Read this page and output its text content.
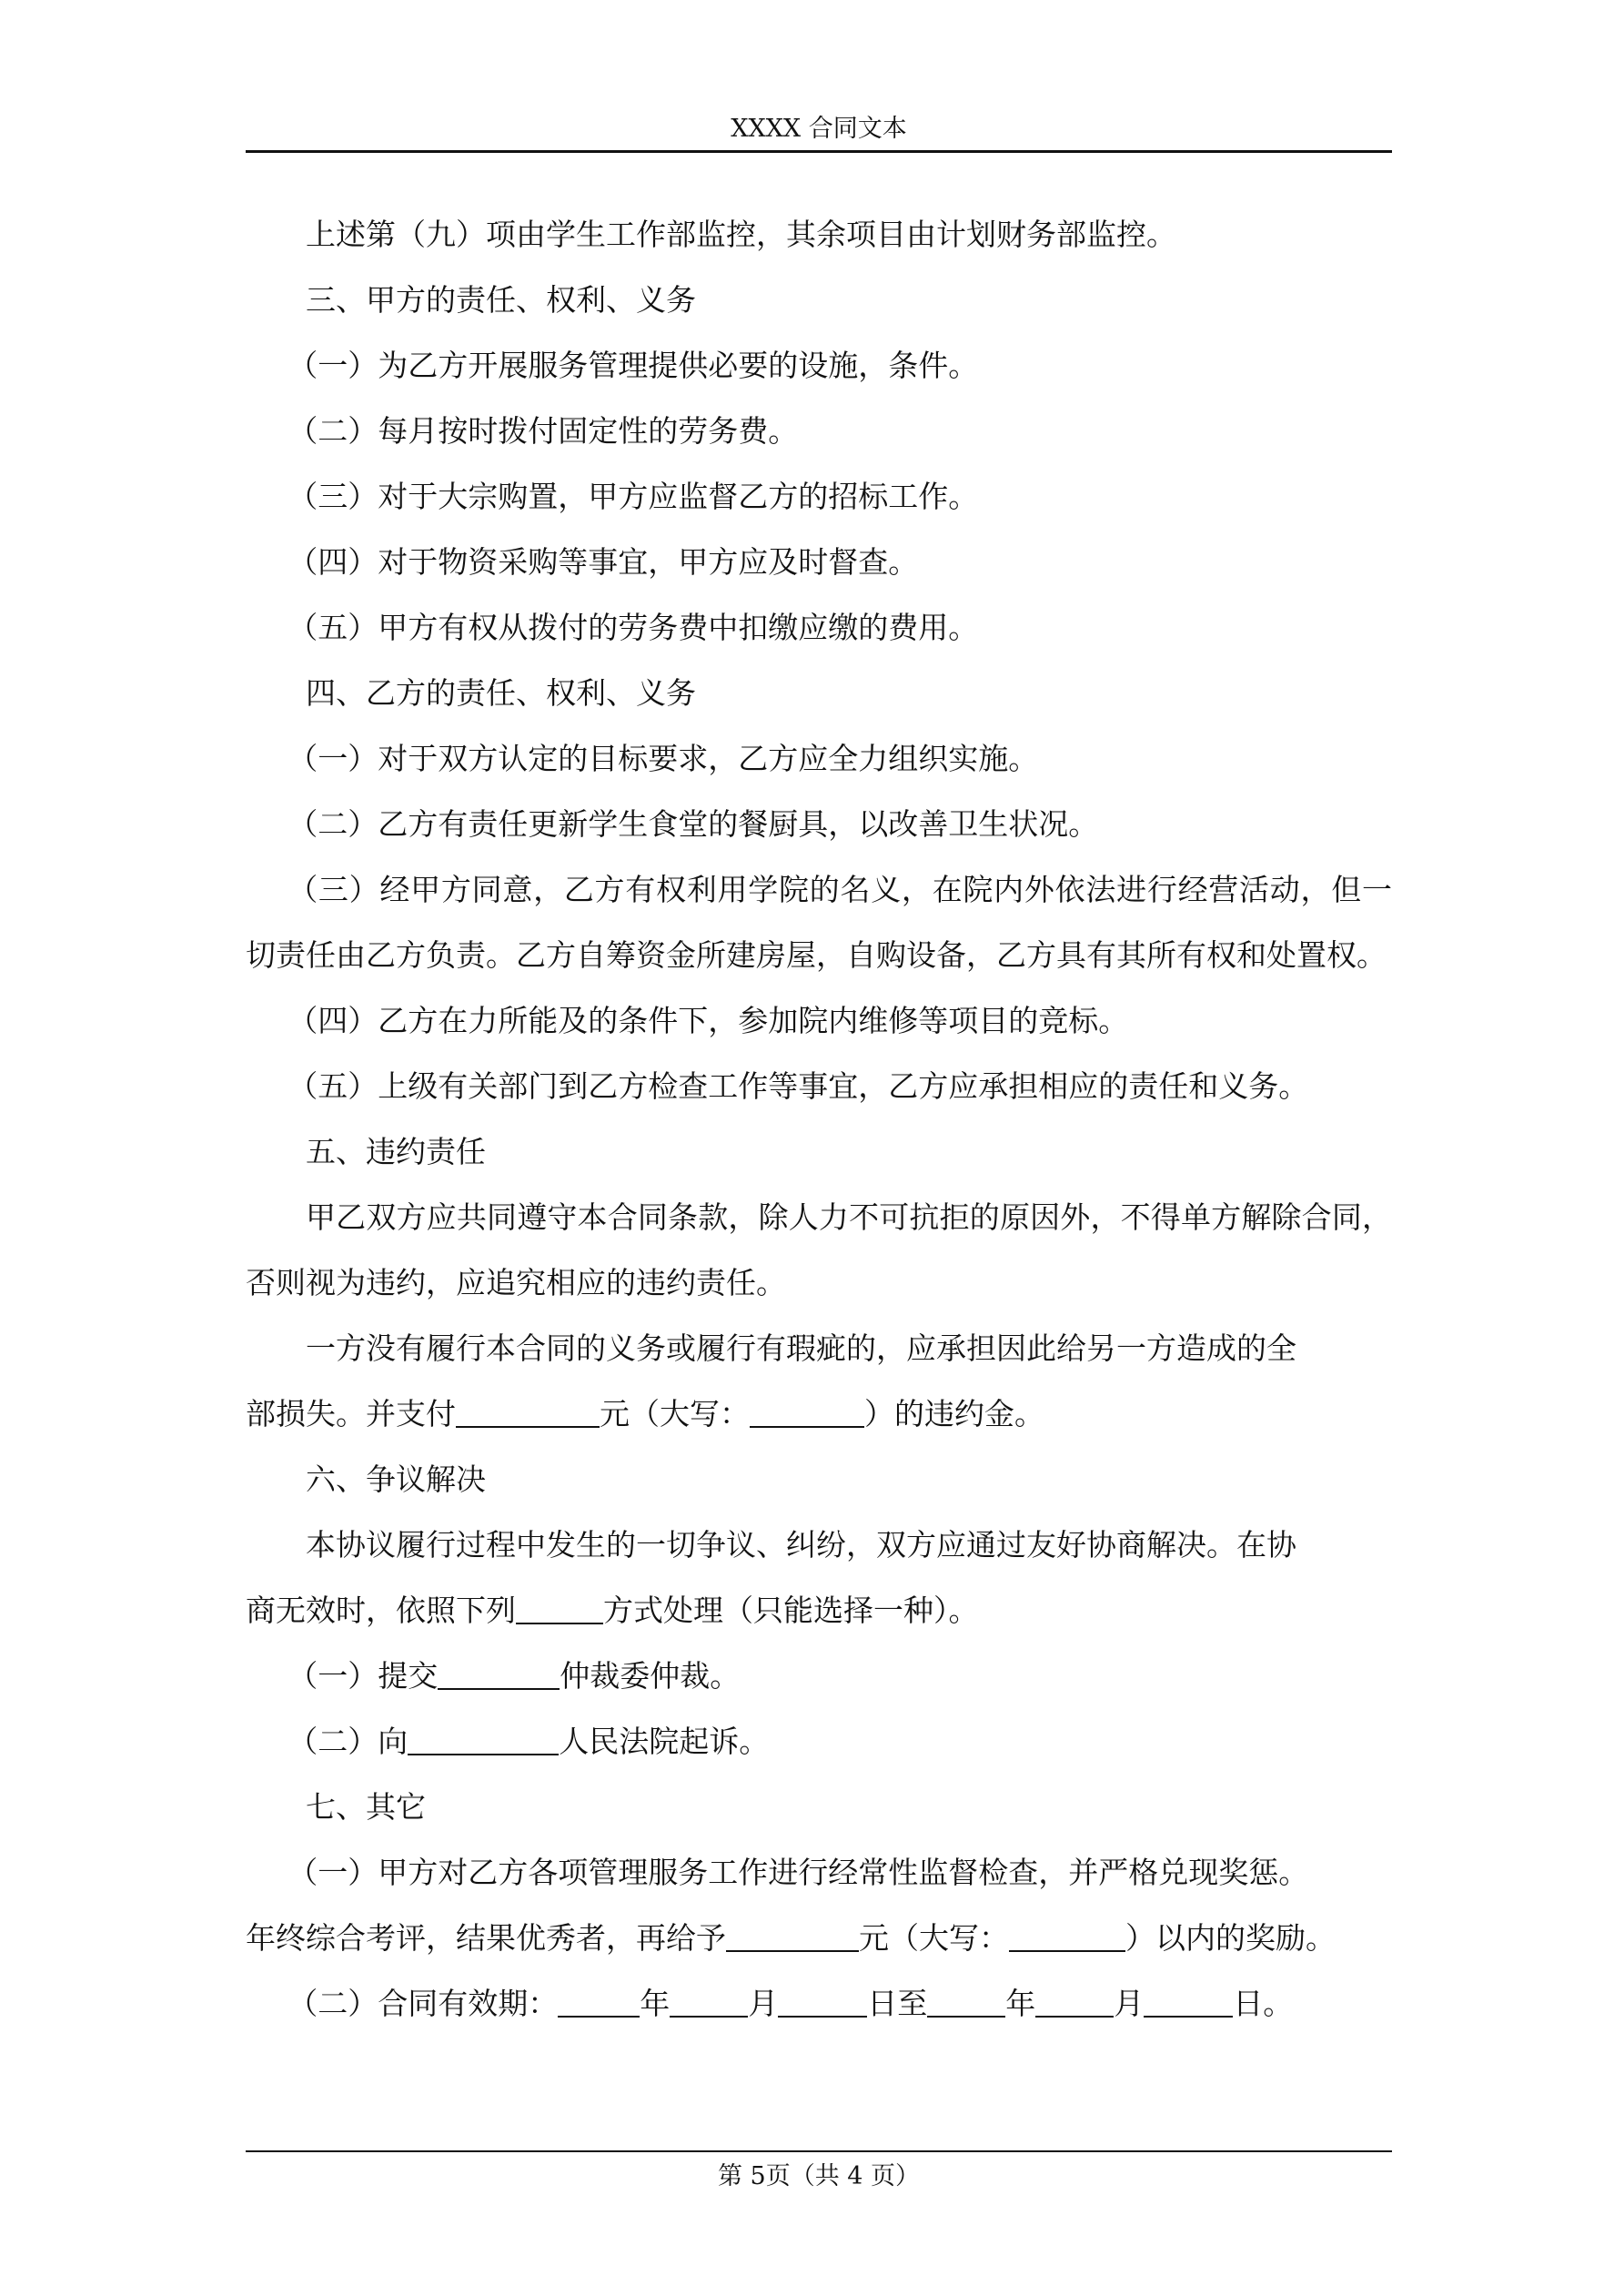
XXXX 合同文本

上述第（九）项由学生工作部监控，其余项目由计划财务部监控。

三、甲方的责任、权利、义务

（一）为乙方开展服务管理提供必要的设施，条件。

（二）每月按时拨付固定性的劳务费。

（三）对于大宗购置，甲方应监督乙方的招标工作。

（四）对于物资采购等事宜，甲方应及时督查。

（五）甲方有权从拨付的劳务费中扣缴应缴的费用。

四、乙方的责任、权利、义务

（一）对于双方认定的目标要求，乙方应全力组织实施。

（二）乙方有责任更新学生食堂的餐厨具，以改善卫生状况。

（三）经甲方同意，乙方有权利用学院的名义，在院内外依法进行经营活动，但一切责任由乙方负责。乙方自筹资金所建房屋，自购设备，乙方具有其所有权和处置权。

（四）乙方在力所能及的条件下，参加院内维修等项目的竞标。

（五）上级有关部门到乙方检查工作等事宜，乙方应承担相应的责任和义务。

五、违约责任

甲乙双方应共同遵守本合同条款，除人力不可抗拒的原因外，不得单方解除合同，否则视为违约，应追究相应的违约责任。

一方没有履行本合同的义务或履行有瑕疵的，应承担因此给另一方造成的全

部损失。并支付	元（大写：	）的违约金。

六、争议解决

本协议履行过程中发生的一切争议、纠纷，双方应通过友好协商解决。在协

商无效时，依照下列	方式处理（只能选择一种）。

（一）提交	仲裁委仲裁。

（二）向	人民法院起诉。

七、其它

（一）甲方对乙方各项管理服务工作进行经常性监督检查，并严格兑现奖惩。

年终综合考评，结果优秀者，再给予	元（大写：	）以内的奖励。

（二）合同有效期：	年	月	日至	年	月	日。

第 5页（共 4 页）
